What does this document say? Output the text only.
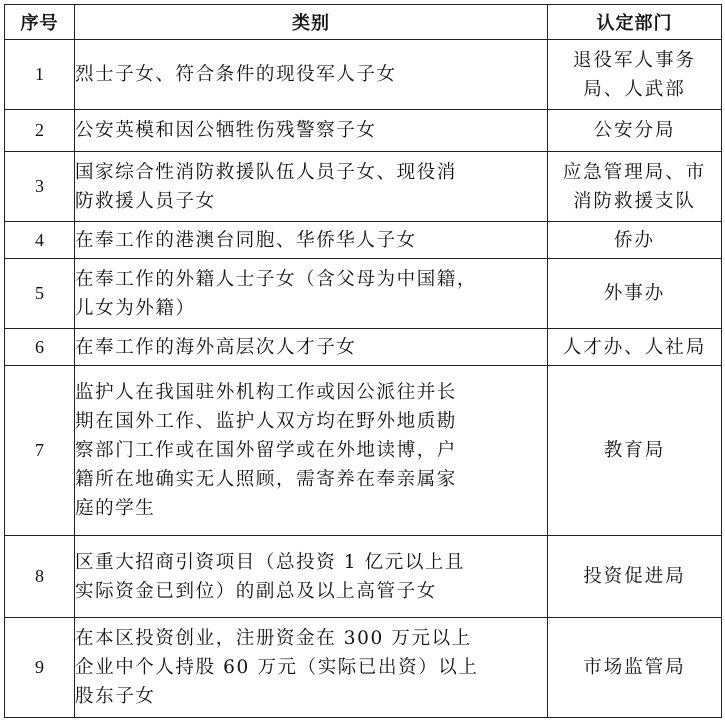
序号	类别	认定部门
1	烈士子女、符合条件的现役军人子女	退役军人事务
局、人武部

2	公安英模和因公牺牲伤残警察子女	公安分局

3	国家综合性消防救援队伍人员子女、现役消
防救援人员子女	应急管理局、市
消防救援支队

4	在奉工作的港澳台同胞、华侨华人子女	侨办

5	在奉工作的外籍人士子女（含父母为中国籍，
儿女为外籍）	外事办

6	在奉工作的海外高层次人才子女	人才办、人社局

7	监护人在我国驻外机构工作或因公派往并长
期在国外工作、监护人双方均在野外地质勘
察部门工作或在国外留学或在外地读博，户
籍所在地确实无人照顾，需寄养在奉亲属家
庭的学生	教育局

8	区重大招商引资项目（总投资 1 亿元以上且
实际资金已到位）的副总及以上高管子女	投资促进局

9	在本区投资创业，注册资金在 300 万元以上
企业中个人持股 60 万元（实际已出资）以上
股东子女	市场监管局
